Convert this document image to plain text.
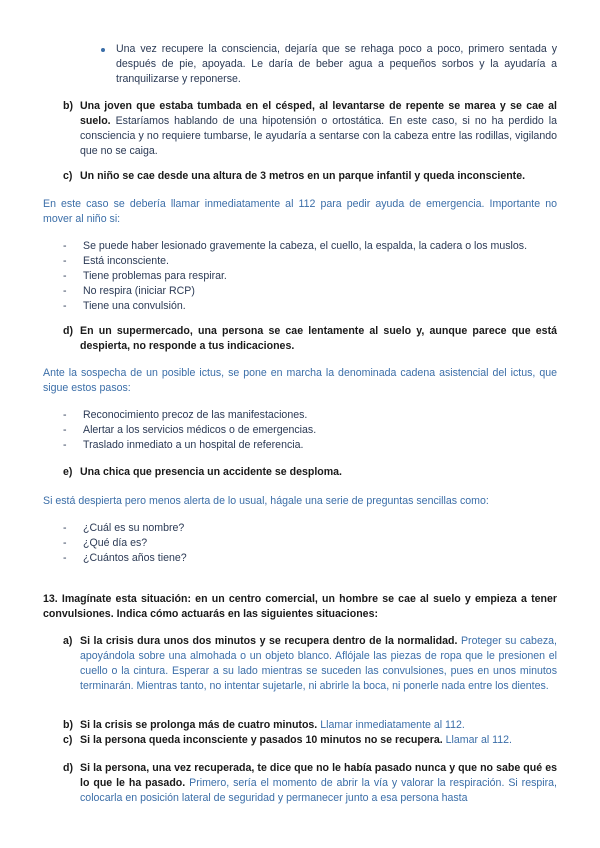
Una vez recupere la consciencia, dejaría que se rehaga poco a poco, primero sentada y después de pie, apoyada. Le daría de beber agua a pequeños sorbos y la ayudaría a tranquilizarse y reponerse.
b) Una joven que estaba tumbada en el césped, al levantarse de repente se marea y se cae al suelo. Estaríamos hablando de una hipotensión o ortostática. En este caso, si no ha perdido la consciencia y no requiere tumbarse, le ayudaría a sentarse con la cabeza entre las rodillas, vigilando que no se caiga.
c) Un niño se cae desde una altura de 3 metros en un parque infantil y queda inconsciente.
En este caso se debería llamar inmediatamente al 112 para pedir ayuda de emergencia. Importante no mover al niño si:
- Se puede haber lesionado gravemente la cabeza, el cuello, la espalda, la cadera o los muslos.
- Está inconsciente.
- Tiene problemas para respirar.
- No respira (iniciar RCP)
- Tiene una convulsión.
d) En un supermercado, una persona se cae lentamente al suelo y, aunque parece que está despierta, no responde a tus indicaciones.
Ante la sospecha de un posible ictus, se pone en marcha la denominada cadena asistencial del ictus, que sigue estos pasos:
- Reconocimiento precoz de las manifestaciones.
- Alertar a los servicios médicos o de emergencias.
- Traslado inmediato a un hospital de referencia.
e) Una chica que presencia un accidente se desploma.
Si está despierta pero menos alerta de lo usual, hágale una serie de preguntas sencillas como:
- ¿Cuál es su nombre?
- ¿Qué día es?
- ¿Cuántos años tiene?
13. Imagínate esta situación: en un centro comercial, un hombre se cae al suelo y empieza a tener convulsiones. Indica cómo actuarás en las siguientes situaciones:
a) Si la crisis dura unos dos minutos y se recupera dentro de la normalidad. Proteger su cabeza, apoyándola sobre una almohada o un objeto blanco. Aflójale las piezas de ropa que le presionen el cuello o la cintura. Esperar a su lado mientras se suceden las convulsiones, pues en unos minutos terminarán. Mientras tanto, no intentar sujetarle, ni abrirle la boca, ni ponerle nada entre los dientes.
b) Si la crisis se prolonga más de cuatro minutos. Llamar inmediatamente al 112.
c) Si la persona queda inconsciente y pasados 10 minutos no se recupera. Llamar al 112.
d) Si la persona, una vez recuperada, te dice que no le había pasado nunca y que no sabe qué es lo que le ha pasado. Primero, sería el momento de abrir la vía y valorar la respiración. Si respira, colocarla en posición lateral de seguridad y permanecer junto a esa persona hasta
